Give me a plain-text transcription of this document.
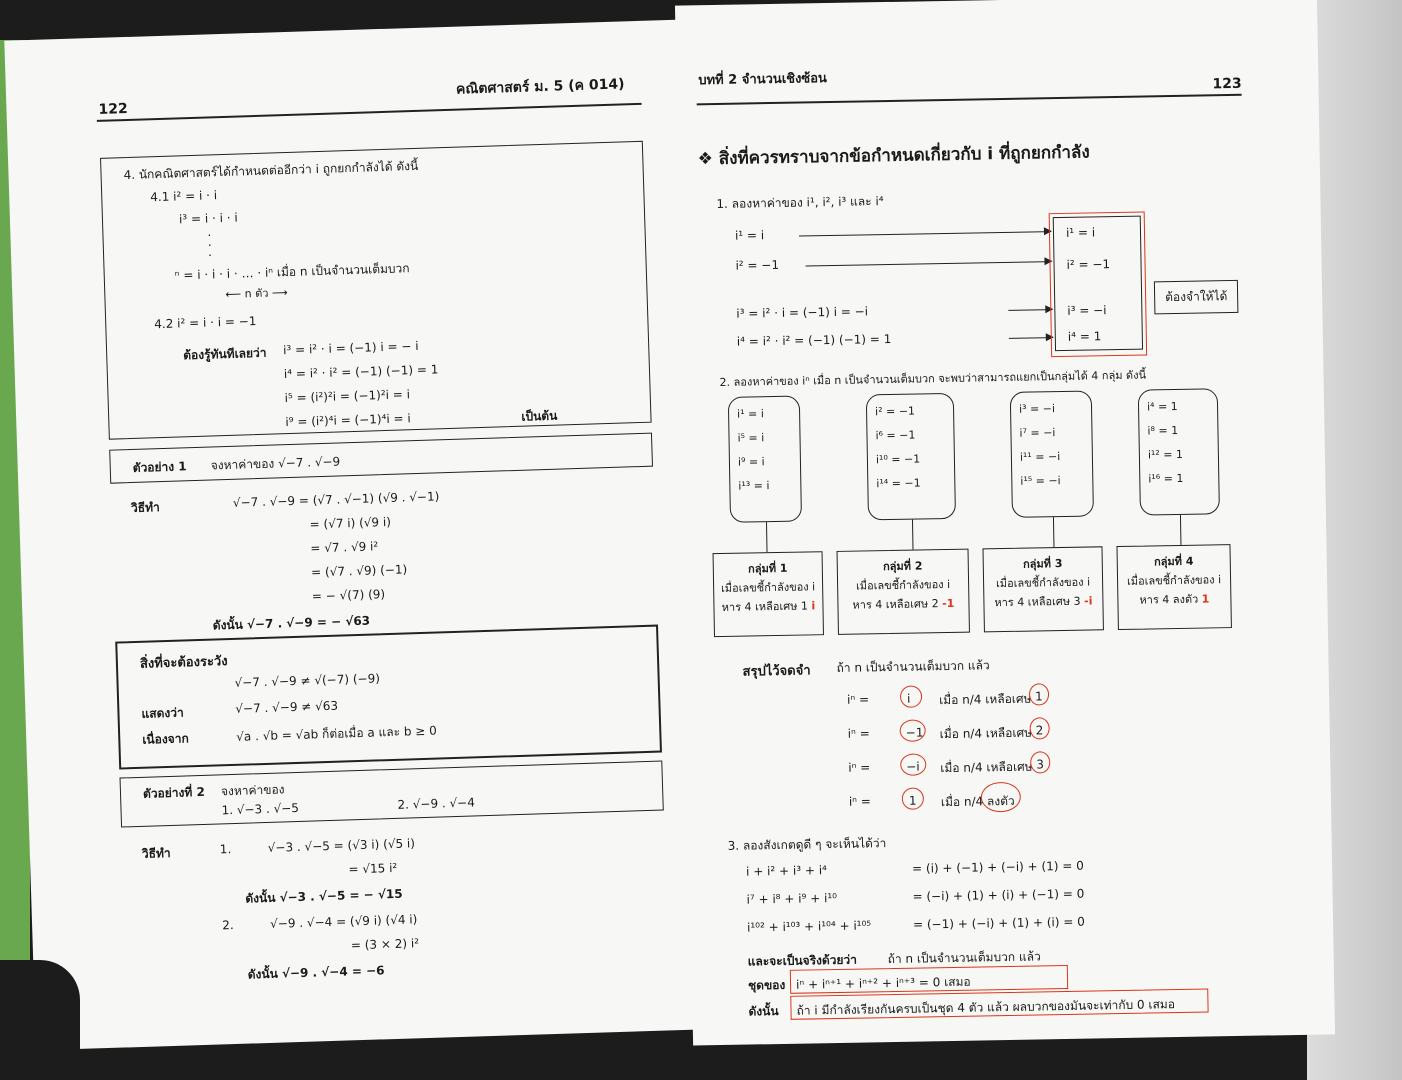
122
คณิตศาสตร์ ม. 5 (ค 014)
4. นักคณิตศาสตร์ได้กำหนดต่ออีกว่า i ถูกยกกำลังได้ ดังนี้
4.1 i² = i · i
i³ = i · i · i
·
·
·
ⁿ = i · i · i · … · iⁿ เมื่อ n เป็นจำนวนเต็มบวก
⟵ n ตัว ⟶
4.2 i² = i · i = −1
ต้องรู้ทันทีเลยว่า i³ = i² · i = (−1) i = − i
i⁴ = i² · i² = (−1) (−1) = 1
i⁵ = (i²)²i = (−1)²i = i
i⁹ = (i²)⁴i = (−1)⁴i = i	เป็นต้น
ตัวอย่าง 1 จงหาค่าของ √−7 . √−9
วิธีทำ	√−7 . √−9 = (√7 . √−1) (√9 . √−1)
= (√7 i) (√9 i)
= √7 . √9 i²
= (√7 . √9) (−1)
= − √(7) (9)
ดังนั้น √−7 . √−9 = − √63
สิ่งที่จะต้องระวัง
√−7 . √−9 ≠ √(−7) (−9)
แสดงว่า	√−7 . √−9 ≠ √63
เนื่องจาก	√a . √b = √ab ก็ต่อเมื่อ a และ b ≥ 0
ตัวอย่างที่ 2 จงหาค่าของ
1. √−3 . √−5	2. √−9 . √−4
วิธีทำ	1.	√−3 . √−5 = (√3 i) (√5 i)
= √15 i²
ดังนั้น √−3 . √−5 = − √15
2.	√−9 . √−4 = (√9 i) (√4 i)
= (3 × 2) i²
ดังนั้น √−9 . √−4 = −6
บทที่ 2 จำนวนเชิงซ้อน	123
❖ สิ่งที่ควรทราบจากข้อกำหนดเกี่ยวกับ i ที่ถูกยกกำลัง
1. ลองหาค่าของ i¹, i², i³ และ i⁴
i¹ = i
i² = −1
i³ = i² · i = (−1) i = −i
i⁴ = i² · i² = (−1) (−1) = 1
i¹ = i
i² = −1
i³ = −i
i⁴ = 1
ต้องจำให้ได้
2. ลองหาค่าของ iⁿ เมื่อ n เป็นจำนวนเต็มบวก จะพบว่าสามารถแยกเป็นกลุ่มได้ 4 กลุ่ม ดังนี้
i¹ = i
i⁵ = i
i⁹ = i
i¹³ = i
i² = −1
i⁶ = −1
i¹⁰ = −1
i¹⁴ = −1
i³ = −i
i⁷ = −i
i¹¹ = −i
i¹⁵ = −i
i⁴ = 1
i⁸ = 1
i¹² = 1
i¹⁶ = 1
กลุ่มที่ 1
เมื่อเลขชี้กำลังของ i
หาร 4 เหลือเศษ 1 i
กลุ่มที่ 2
เมื่อเลขชี้กำลังของ i
หาร 4 เหลือเศษ 2 -1
กลุ่มที่ 3
เมื่อเลขชี้กำลังของ i
หาร 4 เหลือเศษ 3 -i
กลุ่มที่ 4
เมื่อเลขชี้กำลังของ i
หาร 4 ลงตัว 1
สรุปไว้จดจำ ถ้า n เป็นจำนวนเต็มบวก แล้ว
iⁿ =	i เมื่อ n/4 เหลือเศษ 1
iⁿ =	−1 เมื่อ n/4 เหลือเศษ 2
iⁿ =	−i เมื่อ n/4 เหลือเศษ 3
iⁿ =	1 เมื่อ n/4 ลงตัว
3. ลองสังเกตดูดี ๆ จะเห็นได้ว่า
i + i² + i³ + i⁴	= (i) + (−1) + (−i) + (1) = 0
i⁷ + i⁸ + i⁹ + i¹⁰	= (−i) + (1) + (i) + (−1) = 0
i¹⁰² + i¹⁰³ + i¹⁰⁴ + i¹⁰⁵	= (−1) + (−i) + (1) + (i) = 0
และจะเป็นจริงด้วยว่า	ถ้า n เป็นจำนวนเต็มบวก แล้ว
ชุดของ iⁿ + iⁿ⁺¹ + iⁿ⁺² + iⁿ⁺³ = 0 เสมอ
ดังนั้น ถ้า i มีกำลังเรียงกันครบเป็นชุด 4 ตัว แล้ว ผลบวกของมันจะเท่ากับ 0 เสมอ
